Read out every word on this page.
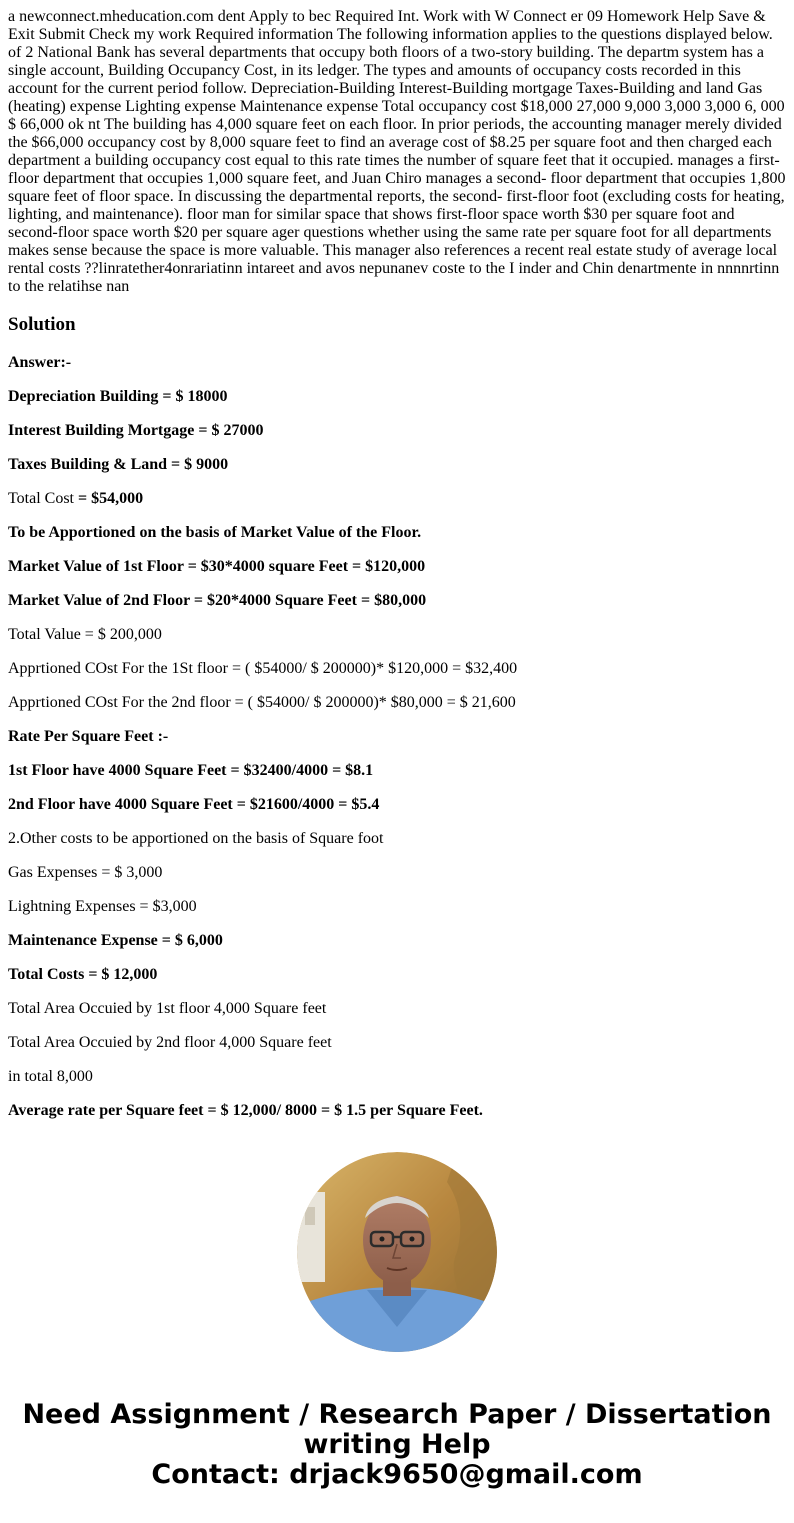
a newconnect.mheducation.com dent Apply to bec Required Int. Work with W Connect er 09 Homework Help Save & Exit Submit Check my work Required information The following information applies to the questions displayed below. of 2 National Bank has several departments that occupy both floors of a two-story building. The departm system has a single account, Building Occupancy Cost, in its ledger. The types and amounts of occupancy costs recorded in this account for the current period follow. Depreciation-Building Interest-Building mortgage Taxes-Building and land Gas (heating) expense Lighting expense Maintenance expense Total occupancy cost $18,000 27,000 9,000 3,000 3,000 6, 000 $ 66,000 ok nt The building has 4,000 square feet on each floor. In prior periods, the accounting manager merely divided the $66,000 occupancy cost by 8,000 square feet to find an average cost of $8.25 per square foot and then charged each department a building occupancy cost equal to this rate times the number of square feet that it occupied. manages a first-floor department that occupies 1,000 square feet, and Juan Chiro manages a second- floor department that occupies 1,800 square feet of floor space. In discussing the departmental reports, the second- first-floor foot (excluding costs for heating, lighting, and maintenance). floor man for similar space that shows first-floor space worth $30 per square foot and second-floor space worth $20 per square ager questions whether using the same rate per square foot for all departments makes sense because the space is more valuable. This manager also references a recent real estate study of average local rental costs ??linratether4onrariatinn intareet and avos nepunanev coste to the I inder and Chin denartmente in nnnnrtinn to the relatihse nan
Solution
Answer:-
Depreciation Building = $ 18000
Interest Building Mortgage = $ 27000
Taxes Building & Land = $ 9000
Total Cost = $54,000
To be Apportioned on the basis of Market Value of the Floor.
Market Value of 1st Floor = $30*4000 square Feet = $120,000
Market Value of 2nd Floor = $20*4000 Square Feet = $80,000
Total Value = $ 200,000
Apprtioned COst For the 1St floor = ( $54000/ $ 200000)* $120,000 = $32,400
Apprtioned COst For the 2nd floor = ( $54000/ $ 200000)* $80,000 = $ 21,600
Rate Per Square Feet :-
1st Floor have 4000 Square Feet = $32400/4000 = $8.1
2nd Floor have 4000 Square Feet = $21600/4000 = $5.4
2.Other costs to be apportioned on the basis of Square foot
Gas Expenses = $ 3,000
Lightning Expenses = $3,000
Maintenance Expense = $ 6,000
Total Costs = $ 12,000
Total Area Occuied by 1st floor 4,000 Square feet
Total Area Occuied by 2nd floor 4,000 Square feet
in total 8,000
Average rate per Square feet = $ 12,000/ 8000 = $ 1.5 per Square Feet.
Need Assignment / Research Paper / Dissertation
writing Help
Contact: drjack9650@gmail.com
